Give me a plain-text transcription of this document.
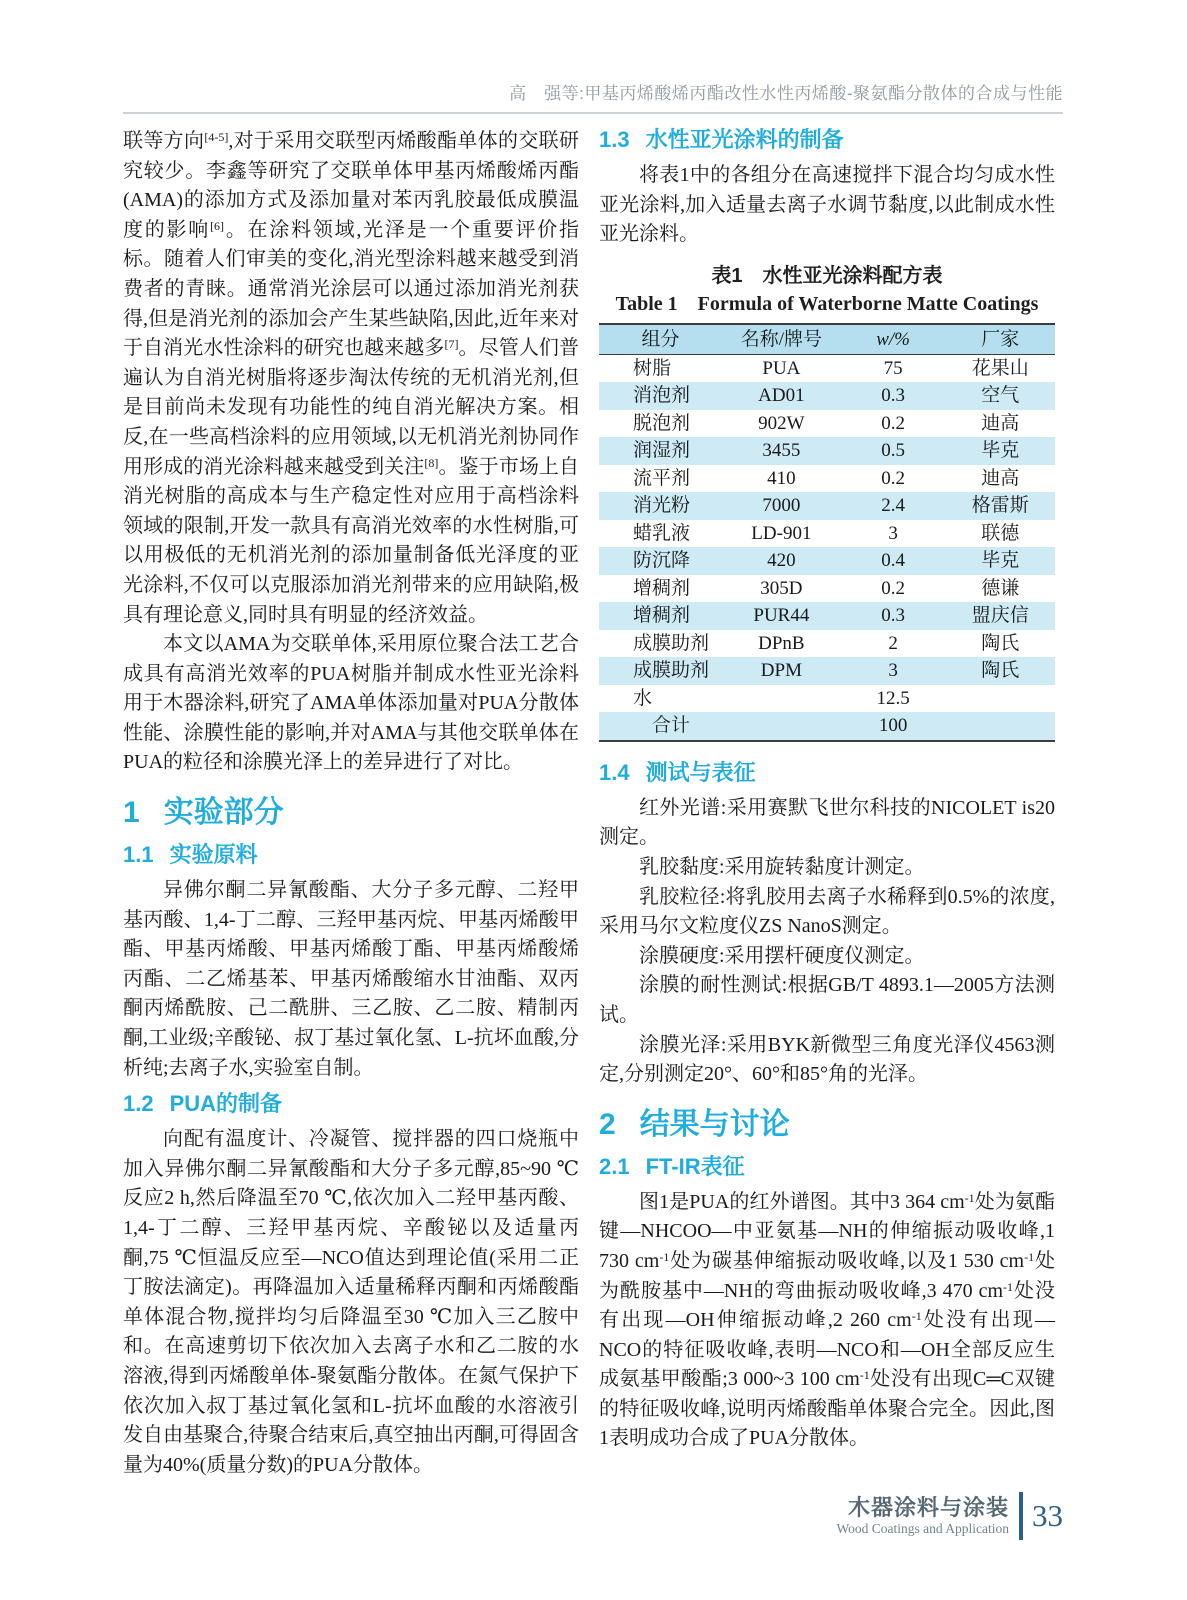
高　强等:甲基丙烯酸烯丙酯改性水性丙烯酸-聚氨酯分散体的合成与性能

联等方向[4-5],对于采用交联型丙烯酸酯单体的交联研究较少。李鑫等研究了交联单体甲基丙烯酸烯丙酯(AMA)的添加方式及添加量对苯丙乳胶最低成膜温度的影响[6]。在涂料领域,光泽是一个重要评价指标。随着人们审美的变化,消光型涂料越来越受到消费者的青睐。通常消光涂层可以通过添加消光剂获得,但是消光剂的添加会产生某些缺陷,因此,近年来对于自消光水性涂料的研究也越来越多[7]。尽管人们普遍认为自消光树脂将逐步淘汰传统的无机消光剂,但是目前尚未发现有功能性的纯自消光解决方案。相反,在一些高档涂料的应用领域,以无机消光剂协同作用形成的消光涂料越来越受到关注[8]。鉴于市场上自消光树脂的高成本与生产稳定性对应用于高档涂料领域的限制,开发一款具有高消光效率的水性树脂,可以用极低的无机消光剂的添加量制备低光泽度的亚光涂料,不仅可以克服添加消光剂带来的应用缺陷,极具有理论意义,同时具有明显的经济效益。

本文以AMA为交联单体,采用原位聚合法工艺合成具有高消光效率的PUA树脂并制成水性亚光涂料用于木器涂料,研究了AMA单体添加量对PUA分散体性能、涂膜性能的影响,并对AMA与其他交联单体在PUA的粒径和涂膜光泽上的差异进行了对比。

1 实验部分
1.1 实验原料

异佛尔酮二异氰酸酯、大分子多元醇、二羟甲基丙酸、1,4-丁二醇、三羟甲基丙烷、甲基丙烯酸甲酯、甲基丙烯酸、甲基丙烯酸丁酯、甲基丙烯酸烯丙酯、二乙烯基苯、甲基丙烯酸缩水甘油酯、双丙酮丙烯酰胺、己二酰肼、三乙胺、乙二胺、精制丙酮,工业级;辛酸铋、叔丁基过氧化氢、L-抗坏血酸,分析纯;去离子水,实验室自制。

1.2 PUA的制备

向配有温度计、冷凝管、搅拌器的四口烧瓶中加入异佛尔酮二异氰酸酯和大分子多元醇,85~90 ℃反应2 h,然后降温至70 ℃,依次加入二羟甲基丙酸、1,4-丁二醇、三羟甲基丙烷、辛酸铋以及适量丙酮,75 ℃恒温反应至—NCO值达到理论值(采用二正丁胺法滴定)。再降温加入适量稀释丙酮和丙烯酸酯单体混合物,搅拌均匀后降温至30 ℃加入三乙胺中和。在高速剪切下依次加入去离子水和乙二胺的水溶液,得到丙烯酸单体-聚氨酯分散体。在氮气保护下依次加入叔丁基过氧化氢和L-抗坏血酸的水溶液引发自由基聚合,待聚合结束后,真空抽出丙酮,可得固含量为40%(质量分数)的PUA分散体。

1.3 水性亚光涂料的制备

将表1中的各组分在高速搅拌下混合均匀成水性亚光涂料,加入适量去离子水调节黏度,以此制成水性亚光涂料。

表1　水性亚光涂料配方表
Table 1　Formula of Waterborne Matte Coatings
组分	名称/牌号	w/%	厂家
树脂	PUA	75	花果山
消泡剂	AD01	0.3	空气
脱泡剂	902W	0.2	迪高
润湿剂	3455	0.5	毕克
流平剂	410	0.2	迪高
消光粉	7000	2.4	格雷斯
蜡乳液	LD-901	3	联德
防沉降	420	0.4	毕克
增稠剂	305D	0.2	德谦
增稠剂	PUR44	0.3	盟庆信
成膜助剂	DPnB	2	陶氏
成膜助剂	DPM	3	陶氏
水		12.5	
　合计		100	
1.4 测试与表征

红外光谱:采用赛默飞世尔科技的NICOLET is20测定。

乳胶黏度:采用旋转黏度计测定。

乳胶粒径:将乳胶用去离子水稀释到0.5%的浓度,采用马尔文粒度仪ZS NanoS测定。

涂膜硬度:采用摆杆硬度仪测定。

涂膜的耐性测试:根据GB/T 4893.1—2005方法测试。

涂膜光泽:采用BYK新微型三角度光泽仪4563测定,分别测定20°、60°和85°角的光泽。

2 结果与讨论
2.1 FT-IR表征

图1是PUA的红外谱图。其中3 364 $cm^{-1}$处为氨酯键—NHCOO—中亚氨基—NH的伸缩振动吸收峰,1 730 $cm^{-1}$处为碳基伸缩振动吸收峰,以及1 530 $cm^{-1}$处为酰胺基中—NH的弯曲振动吸收峰,3 470 $cm^{-1}$处没有出现—OH伸缩振动峰,2 260 $cm^{-1}$处没有出现—NCO的特征吸收峰,表明—NCO和—OH全部反应生成氨基甲酸酯;3 000~3 100 $cm^{-1}$处没有出现C═C双键的特征吸收峰,说明丙烯酸酯单体聚合完全。因此,图1表明成功合成了PUA分散体。

木器涂料与涂装
Wood Coatings and Application 33
